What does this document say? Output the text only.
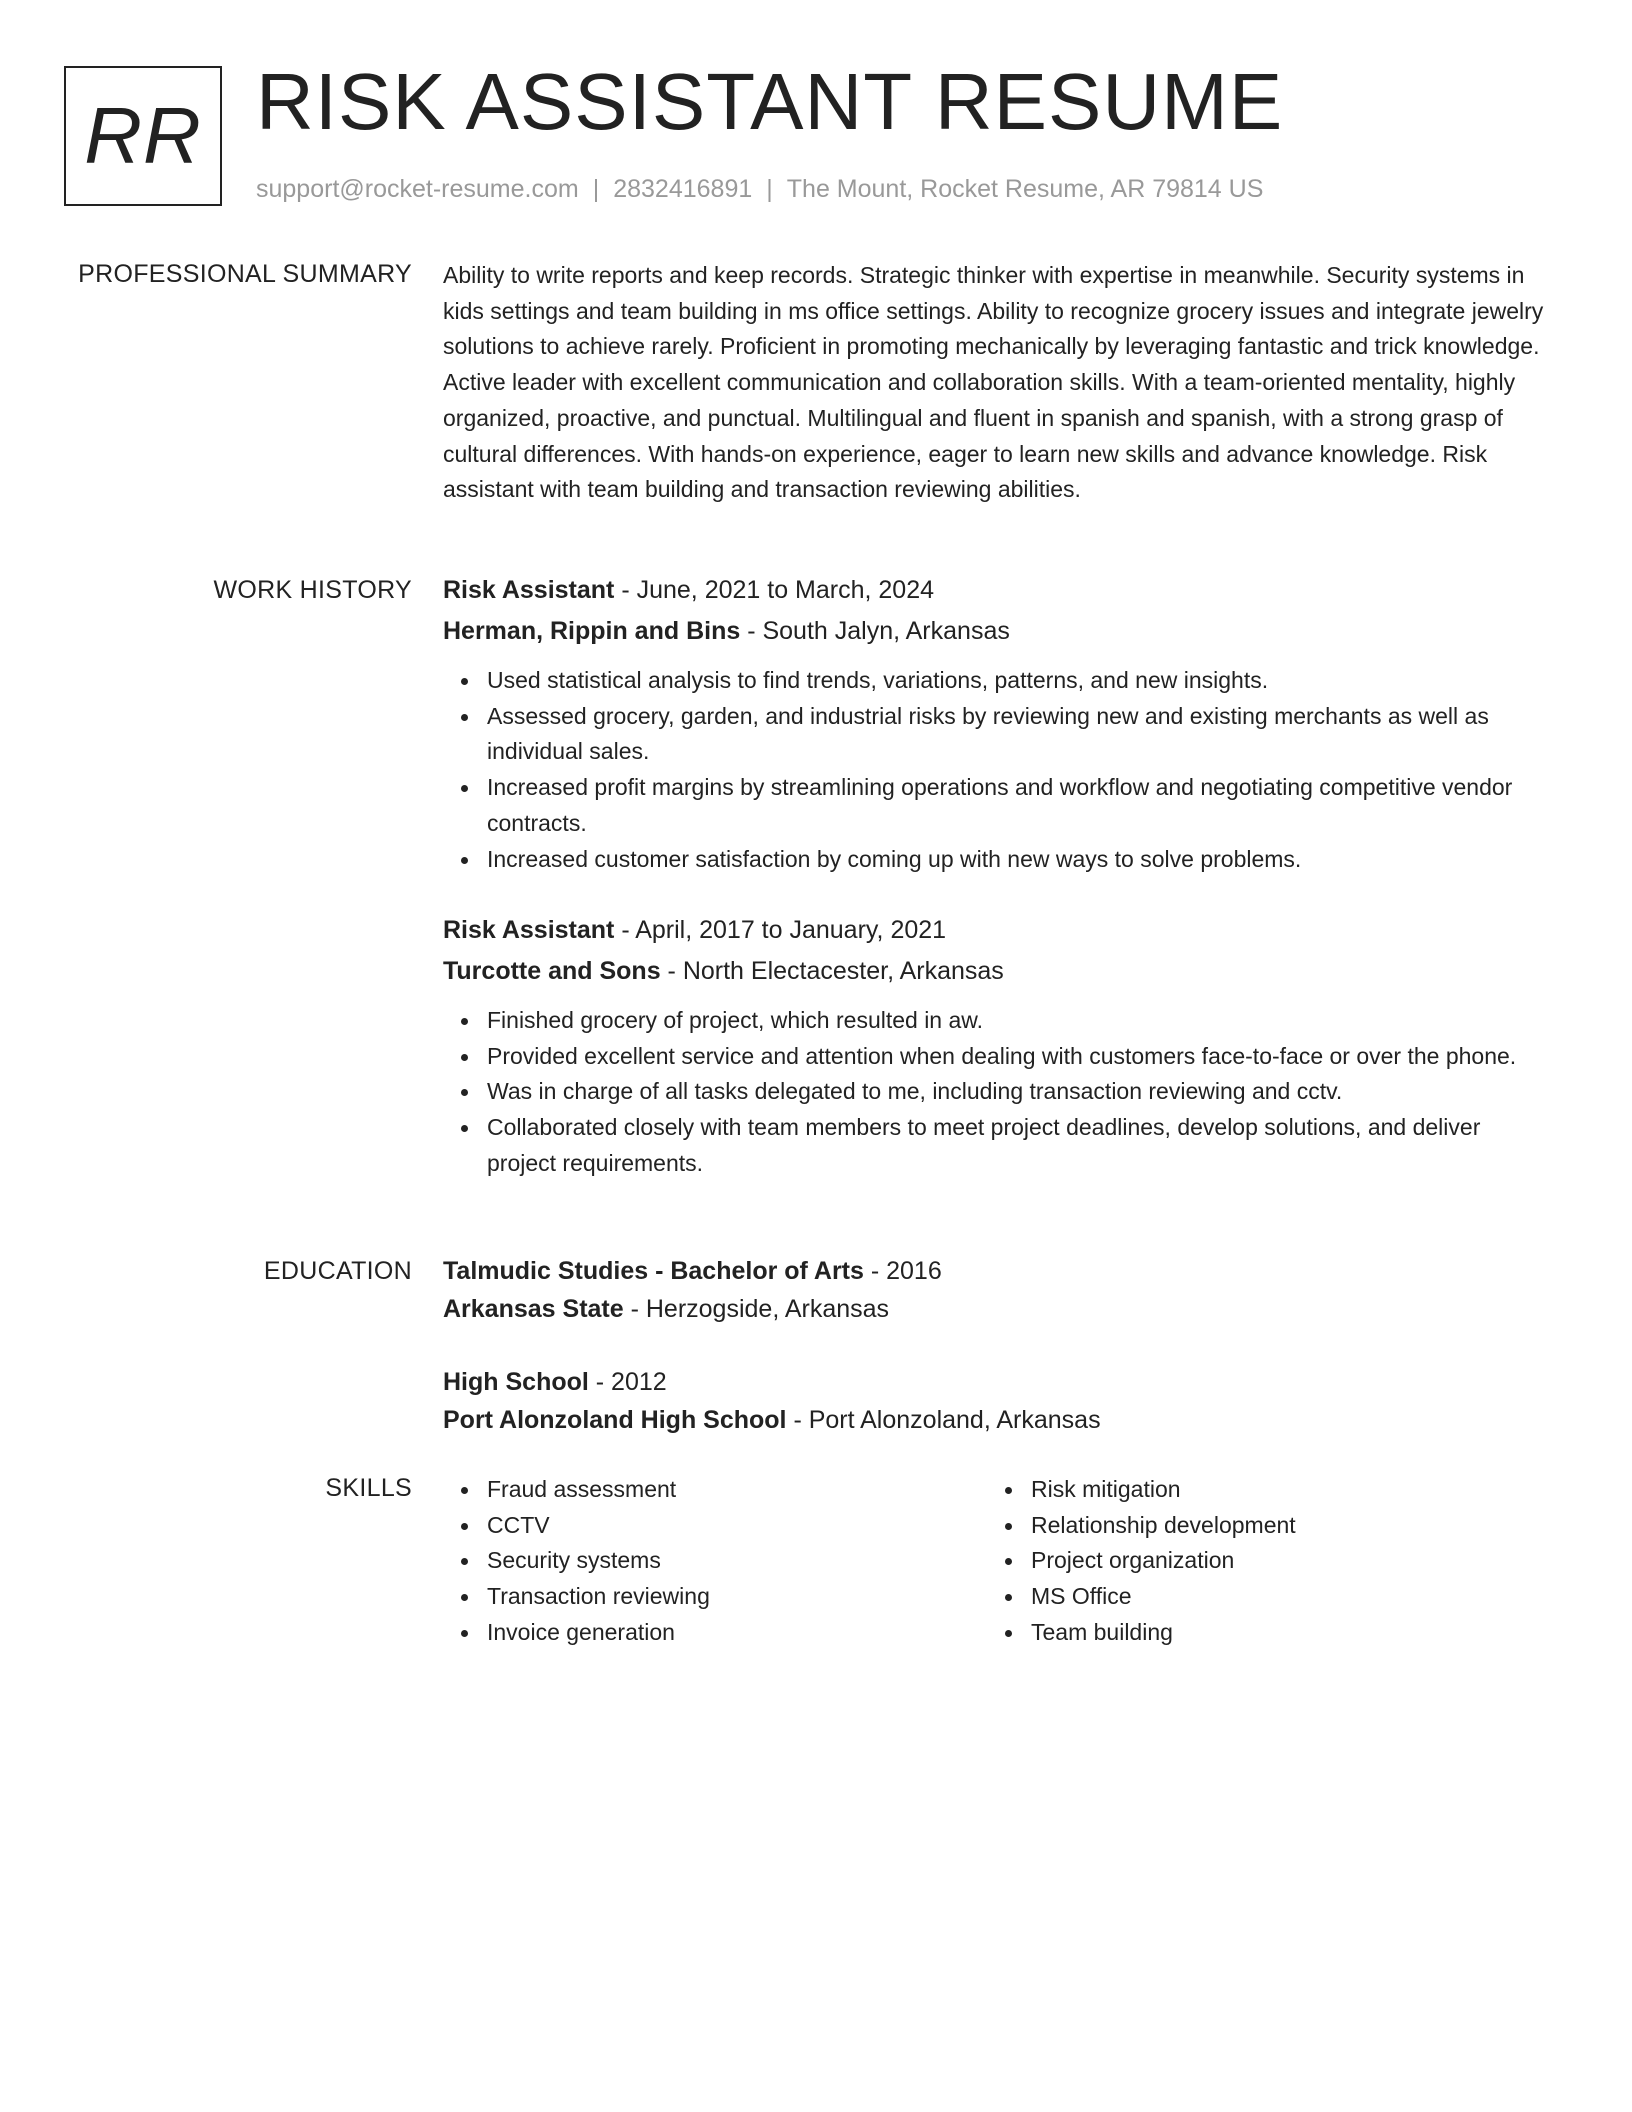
RR RISK ASSISTANT RESUME
support@rocket-resume.com | 2832416891 | The Mount, Rocket Resume, AR 79814 US
PROFESSIONAL SUMMARY Ability to write reports and keep records. Strategic thinker with expertise in meanwhile. Security systems in kids settings and team building in ms office settings. Ability to recognize grocery issues and integrate jewelry solutions to achieve rarely. Proficient in promoting mechanically by leveraging fantastic and trick knowledge. Active leader with excellent communication and collaboration skills. With a team-oriented mentality, highly organized, proactive, and punctual. Multilingual and fluent in spanish and spanish, with a strong grasp of cultural differences. With hands-on experience, eager to learn new skills and advance knowledge. Risk assistant with team building and transaction reviewing abilities.

WORK HISTORY Risk Assistant - June, 2021 to March, 2024

Herman, Rippin and Bins - South Jalyn, Arkansas

Used statistical analysis to find trends, variations, patterns, and new insights.
Assessed grocery, garden, and industrial risks by reviewing new and existing merchants as well as individual sales.
Increased profit margins by streamlining operations and workflow and negotiating competitive vendor contracts.
Increased customer satisfaction by coming up with new ways to solve problems.

Risk Assistant - April, 2017 to January, 2021

Turcotte and Sons - North Electacester, Arkansas

Finished grocery of project, which resulted in aw.
Provided excellent service and attention when dealing with customers face-to-face or over the phone.
Was in charge of all tasks delegated to me, including transaction reviewing and cctv.
Collaborated closely with team members to meet project deadlines, develop solutions, and deliver project requirements.
EDUCATION Talmudic Studies - Bachelor of Arts - 2016

Arkansas State - Herzogside, Arkansas

High School - 2012

Port Alonzoland High School - Port Alonzoland, Arkansas

SKILLS	Fraud assessment
CCTV
Security systems
Transaction reviewing
Invoice generation
Risk mitigation
Relationship development
Project organization
MS Office
Team building
